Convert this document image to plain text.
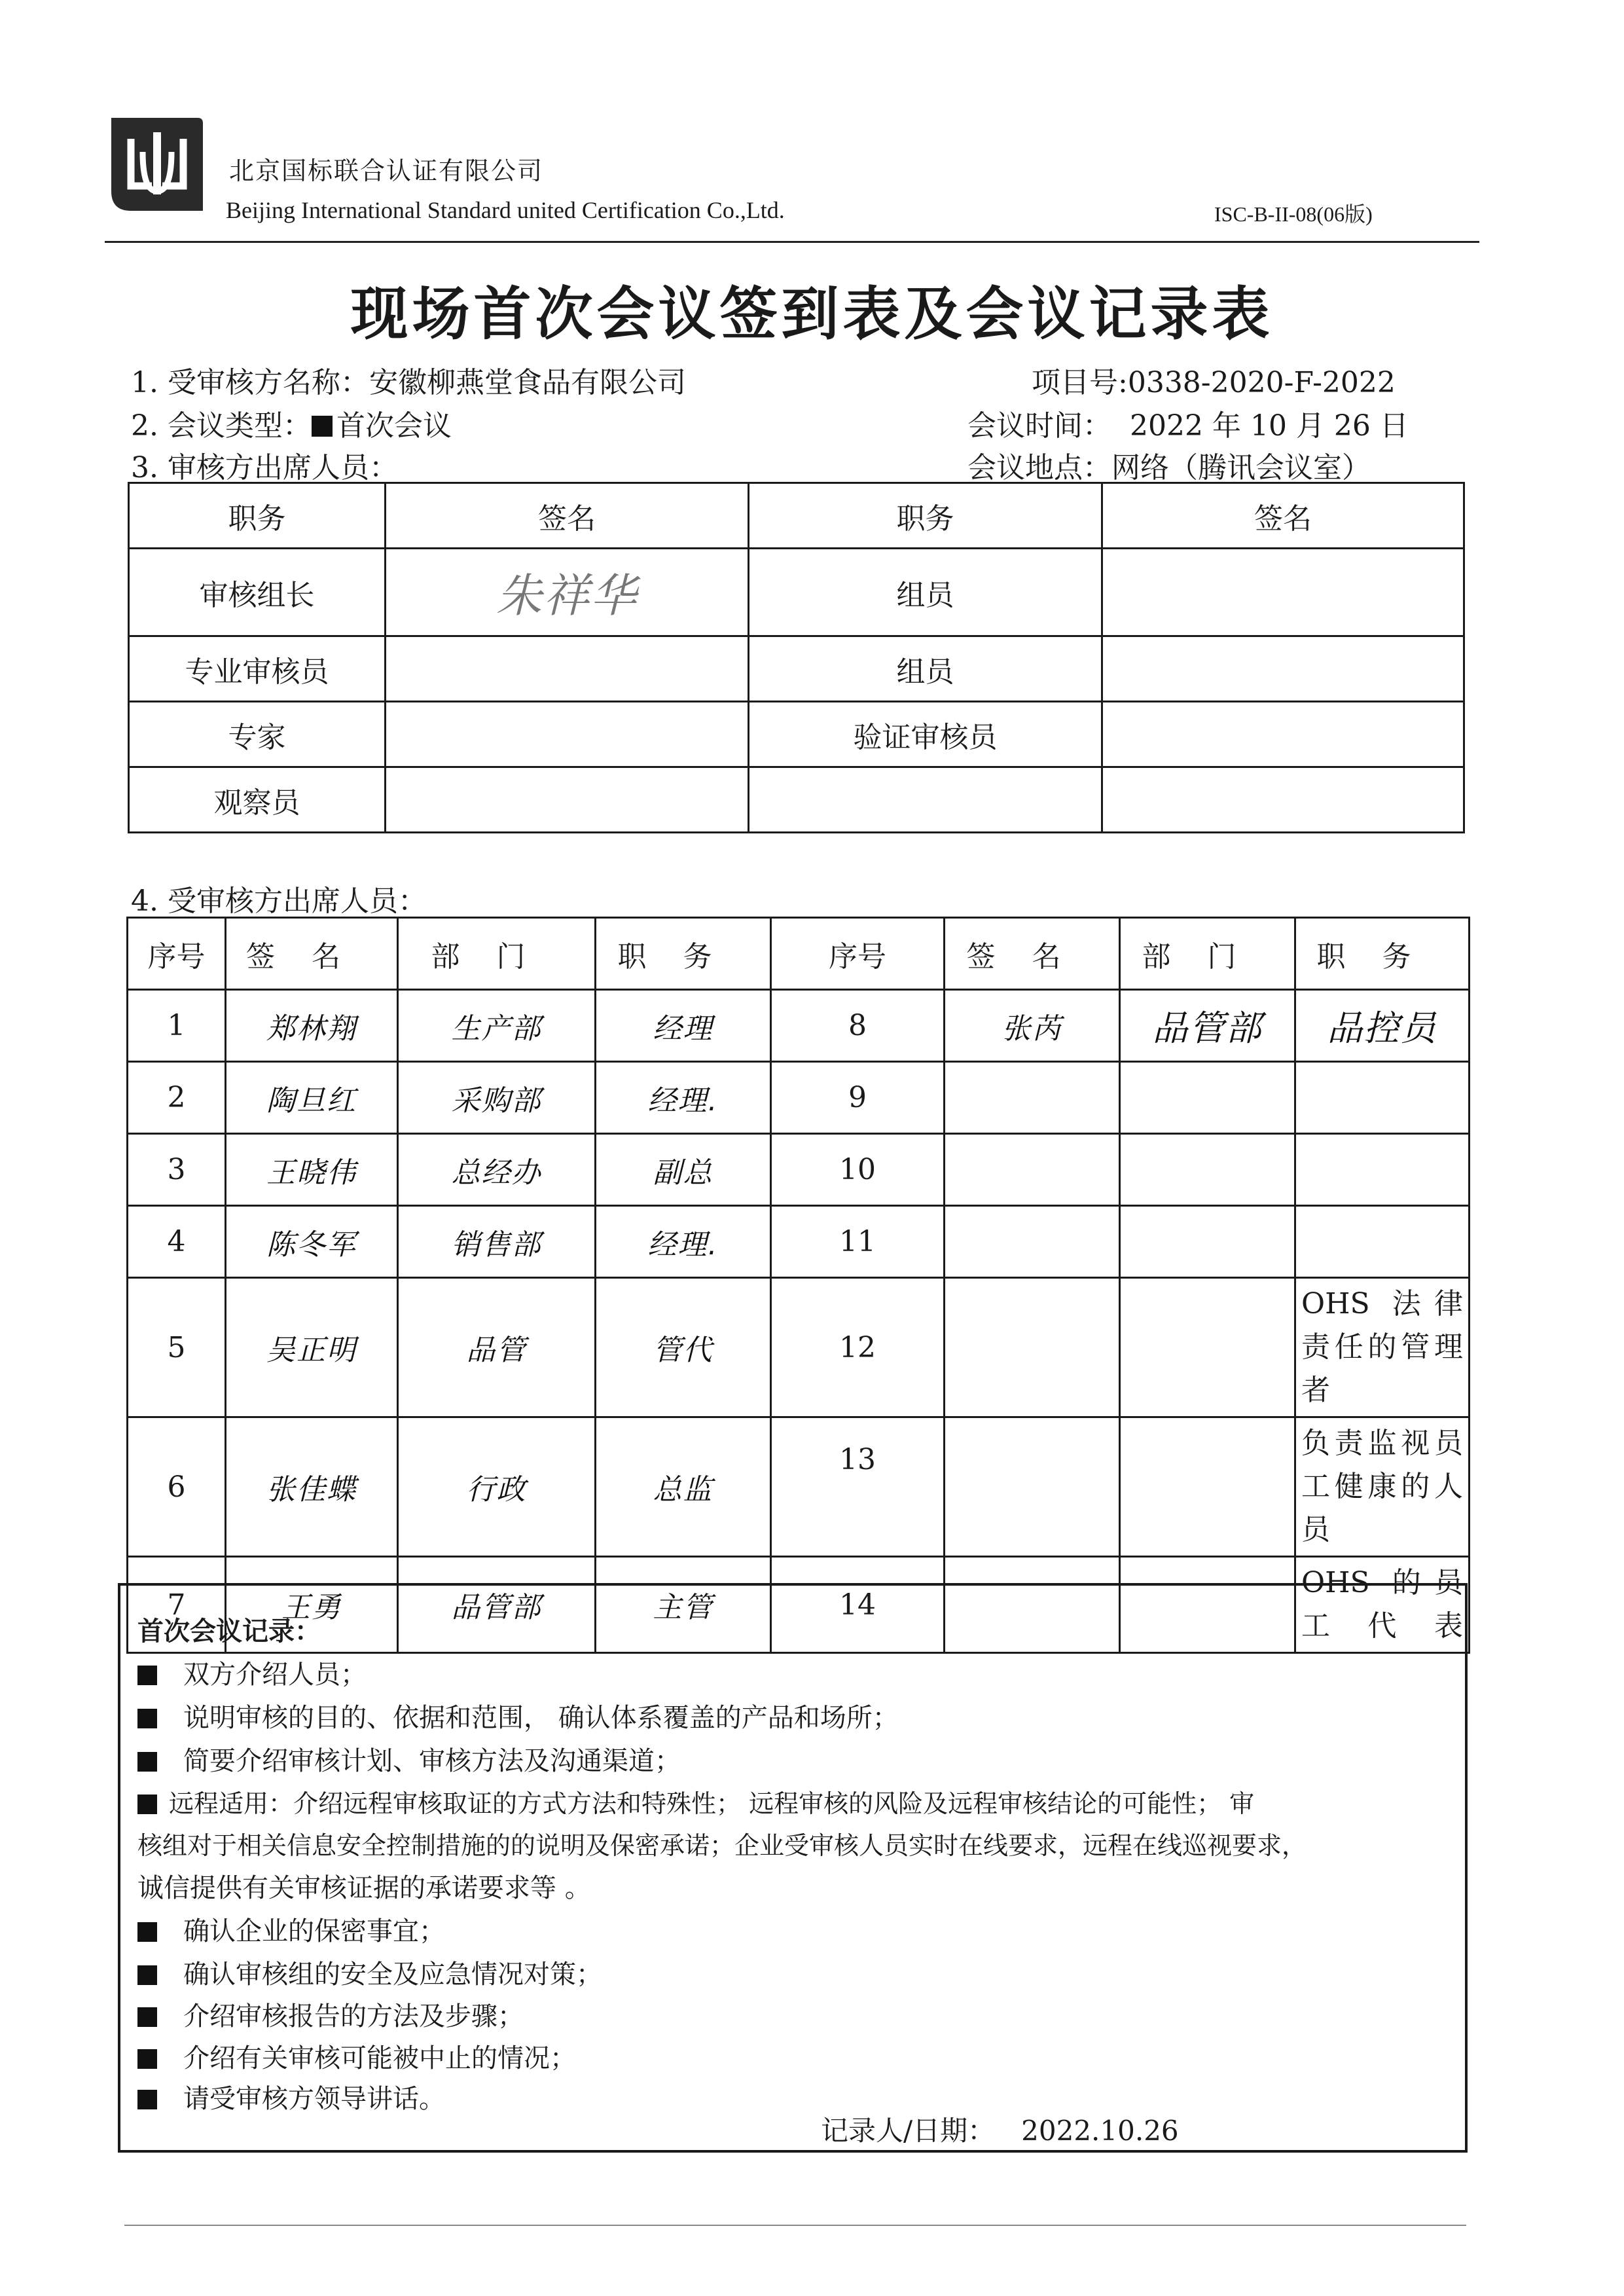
北京国标联合认证有限公司
Beijing International Standard united Certification Co.,Ltd.	ISC-B-II-08(06版)
现场首次会议签到表及会议记录表
1. 受审核方名称：安徽柳燕堂食品有限公司	项目号:0338-2020-F-2022
2. 会议类型： 首次会议	会议时间： 2022 年 10 月 26 日
3. 审核方出席人员：	会议地点：网络（腾讯会议室）
职务	签名	职务	签名
审核组长	朱祥华	组员	
专业审核员		组员	
专家		验证审核员	
观察员			
4. 受审核方出席人员：
序号	签名	部门	职务	序号	签名	部门	职务
1	郑林翔	生产部	经理	8	张芮	品管部	品控员
2	陶旦红	采购部	经理.	9			
3	王晓伟	总经办	副总	10			
4	陈冬军	销售部	经理.	11			
5	吴正明	品管	管代	12			OHS 法律责任的管理者
6	张佳蝶	行政	总监	13			负责监视员工健康的人员
7	王勇	品管部	主管	14			OHS 的员工代表
首次会议记录：
双方介绍人员；
说明审核的目的、依据和范围， 确认体系覆盖的产品和场所；
简要介绍审核计划、审核方法及沟通渠道；
远程适用：介绍远程审核取证的方式方法和特殊性； 远程审核的风险及远程审核结论的可能性； 审
核组对于相关信息安全控制措施的的说明及保密承诺；企业受审核人员实时在线要求，远程在线巡视要求，
诚信提供有关审核证据的承诺要求等 。
确认企业的保密事宜；
确认审核组的安全及应急情况对策；
介绍审核报告的方法及步骤；
介绍有关审核可能被中止的情况；
请受审核方领导讲话。
记录人/日期： 2022.10.26
